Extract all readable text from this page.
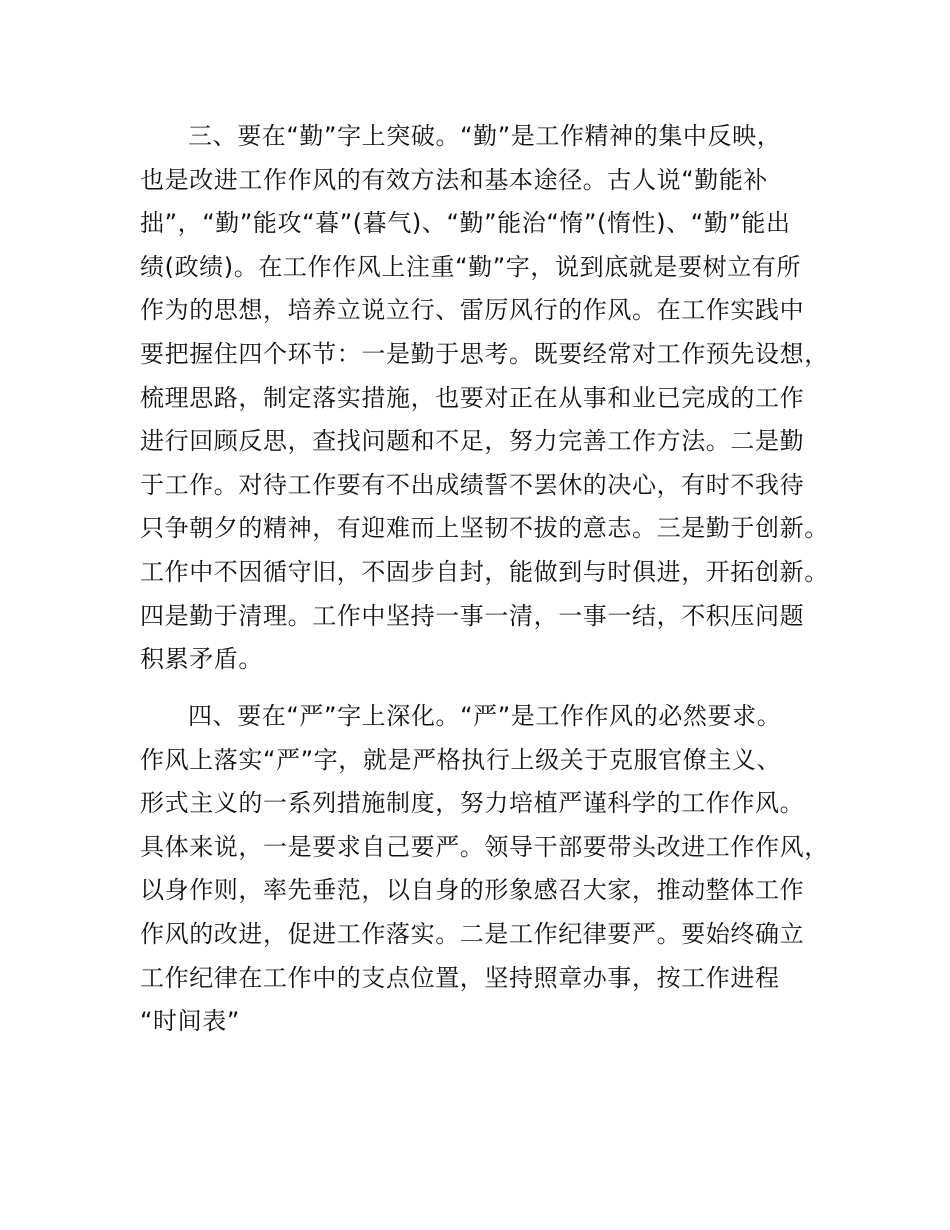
三、要在“勤”字上突破。“勤”是工作精神的集中反映，
也是改进工作作风的有效方法和基本途径。古人说“勤能补
拙”，“勤”能攻“暮”(暮气)、“勤”能治“惰”(惰性)、“勤”能出
绩(政绩)。在工作作风上注重“勤”字，说到底就是要树立有所
作为的思想，培养立说立行、雷厉风行的作风。在工作实践中
要把握住四个环节：一是勤于思考。既要经常对工作预先设想，
梳理思路，制定落实措施，也要对正在从事和业已完成的工作
进行回顾反思，查找问题和不足，努力完善工作方法。二是勤
于工作。对待工作要有不出成绩誓不罢休的决心，有时不我待
只争朝夕的精神，有迎难而上坚韧不拔的意志。三是勤于创新。
工作中不因循守旧，不固步自封，能做到与时俱进，开拓创新。
四是勤于清理。工作中坚持一事一清，一事一结，不积压问题
积累矛盾。
四、要在“严”字上深化。“严”是工作作风的必然要求。
作风上落实“严”字，就是严格执行上级关于克服官僚主义、
形式主义的一系列措施制度，努力培植严谨科学的工作作风。
具体来说，一是要求自己要严。领导干部要带头改进工作作风，
以身作则，率先垂范，以自身的形象感召大家，推动整体工作
作风的改进，促进工作落实。二是工作纪律要严。要始终确立
工作纪律在工作中的支点位置，坚持照章办事，按工作进程
“时间表”
